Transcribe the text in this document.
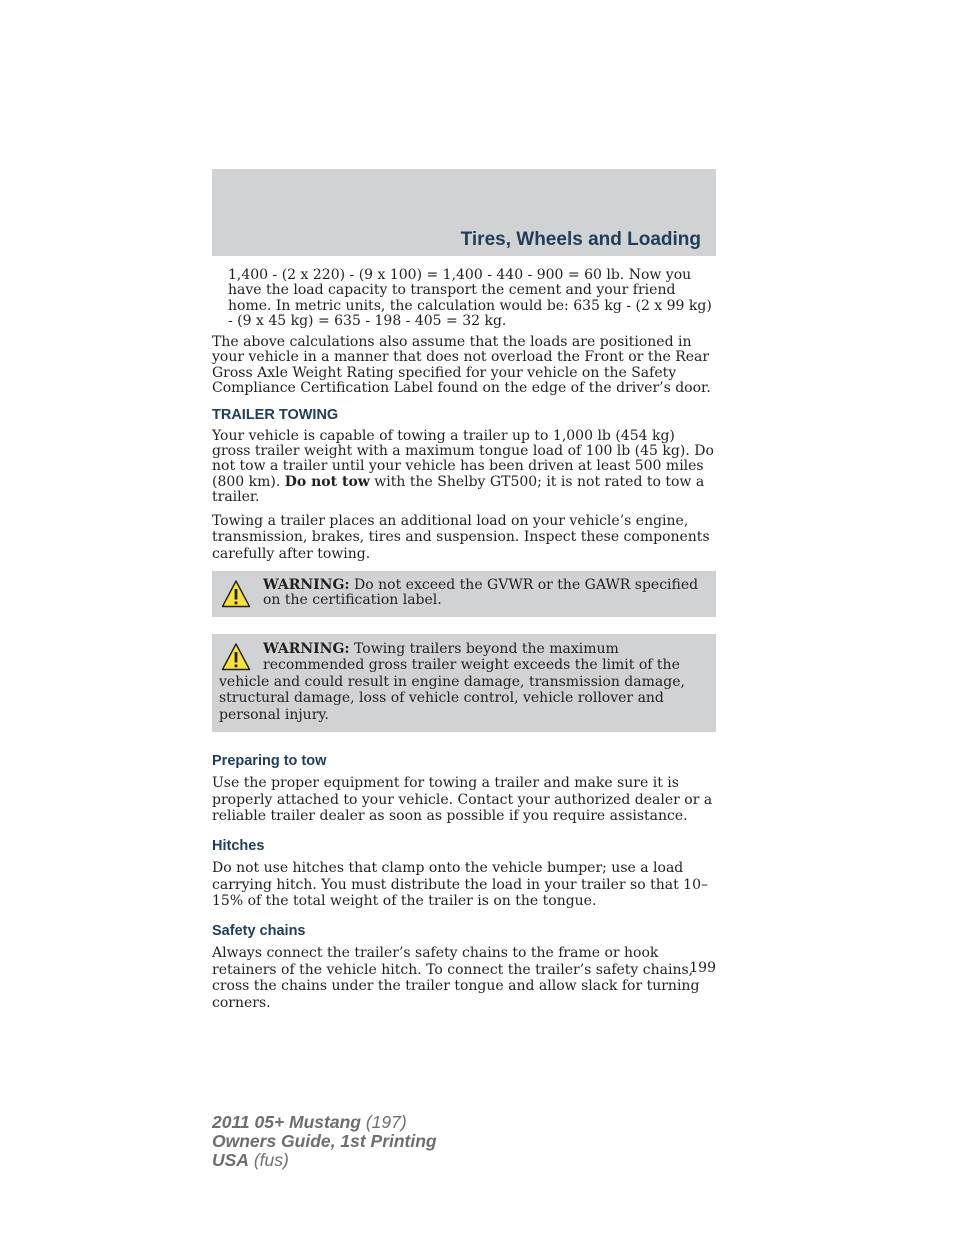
Tires, Wheels and Loading

1,400 - (2 x 220) - (9 x 100) = 1,400 - 440 - 900 = 60 lb. Now you have the load capacity to transport the cement and your friend home. In metric units, the calculation would be: 635 kg - (2 x 99 kg) - (9 x 45 kg) = 635 - 198 - 405 = 32 kg.

The above calculations also assume that the loads are positioned in your vehicle in a manner that does not overload the Front or the Rear Gross Axle Weight Rating specified for your vehicle on the Safety Compliance Certification Label found on the edge of the driver’s door.

TRAILER TOWING

Your vehicle is capable of towing a trailer up to 1,000 lb (454 kg) gross trailer weight with a maximum tongue load of 100 lb (45 kg). Do not tow a trailer until your vehicle has been driven at least 500 miles (800 km). Do not tow with the Shelby GT500; it is not rated to tow a trailer.

Towing a trailer places an additional load on your vehicle’s engine, transmission, brakes, tires and suspension. Inspect these components carefully after towing.

WARNING: Do not exceed the GVWR or the GAWR specified on the certification label.
WARNING: Towing trailers beyond the maximum recommended gross trailer weight exceeds the limit of the vehicle and could result in engine damage, transmission damage, structural damage, loss of vehicle control, vehicle rollover and personal injury.
Preparing to tow

Use the proper equipment for towing a trailer and make sure it is properly attached to your vehicle. Contact your authorized dealer or a reliable trailer dealer as soon as possible if you require assistance.

Hitches

Do not use hitches that clamp onto the vehicle bumper; use a load carrying hitch. You must distribute the load in your trailer so that 10–15% of the total weight of the trailer is on the tongue.

Safety chains

Always connect the trailer’s safety chains to the frame or hook retainers of the vehicle hitch. To connect the trailer’s safety chains, cross the chains under the trailer tongue and allow slack for turning corners.

199
2011 05+ Mustang (197)
Owners Guide, 1st Printing
USA (fus)
